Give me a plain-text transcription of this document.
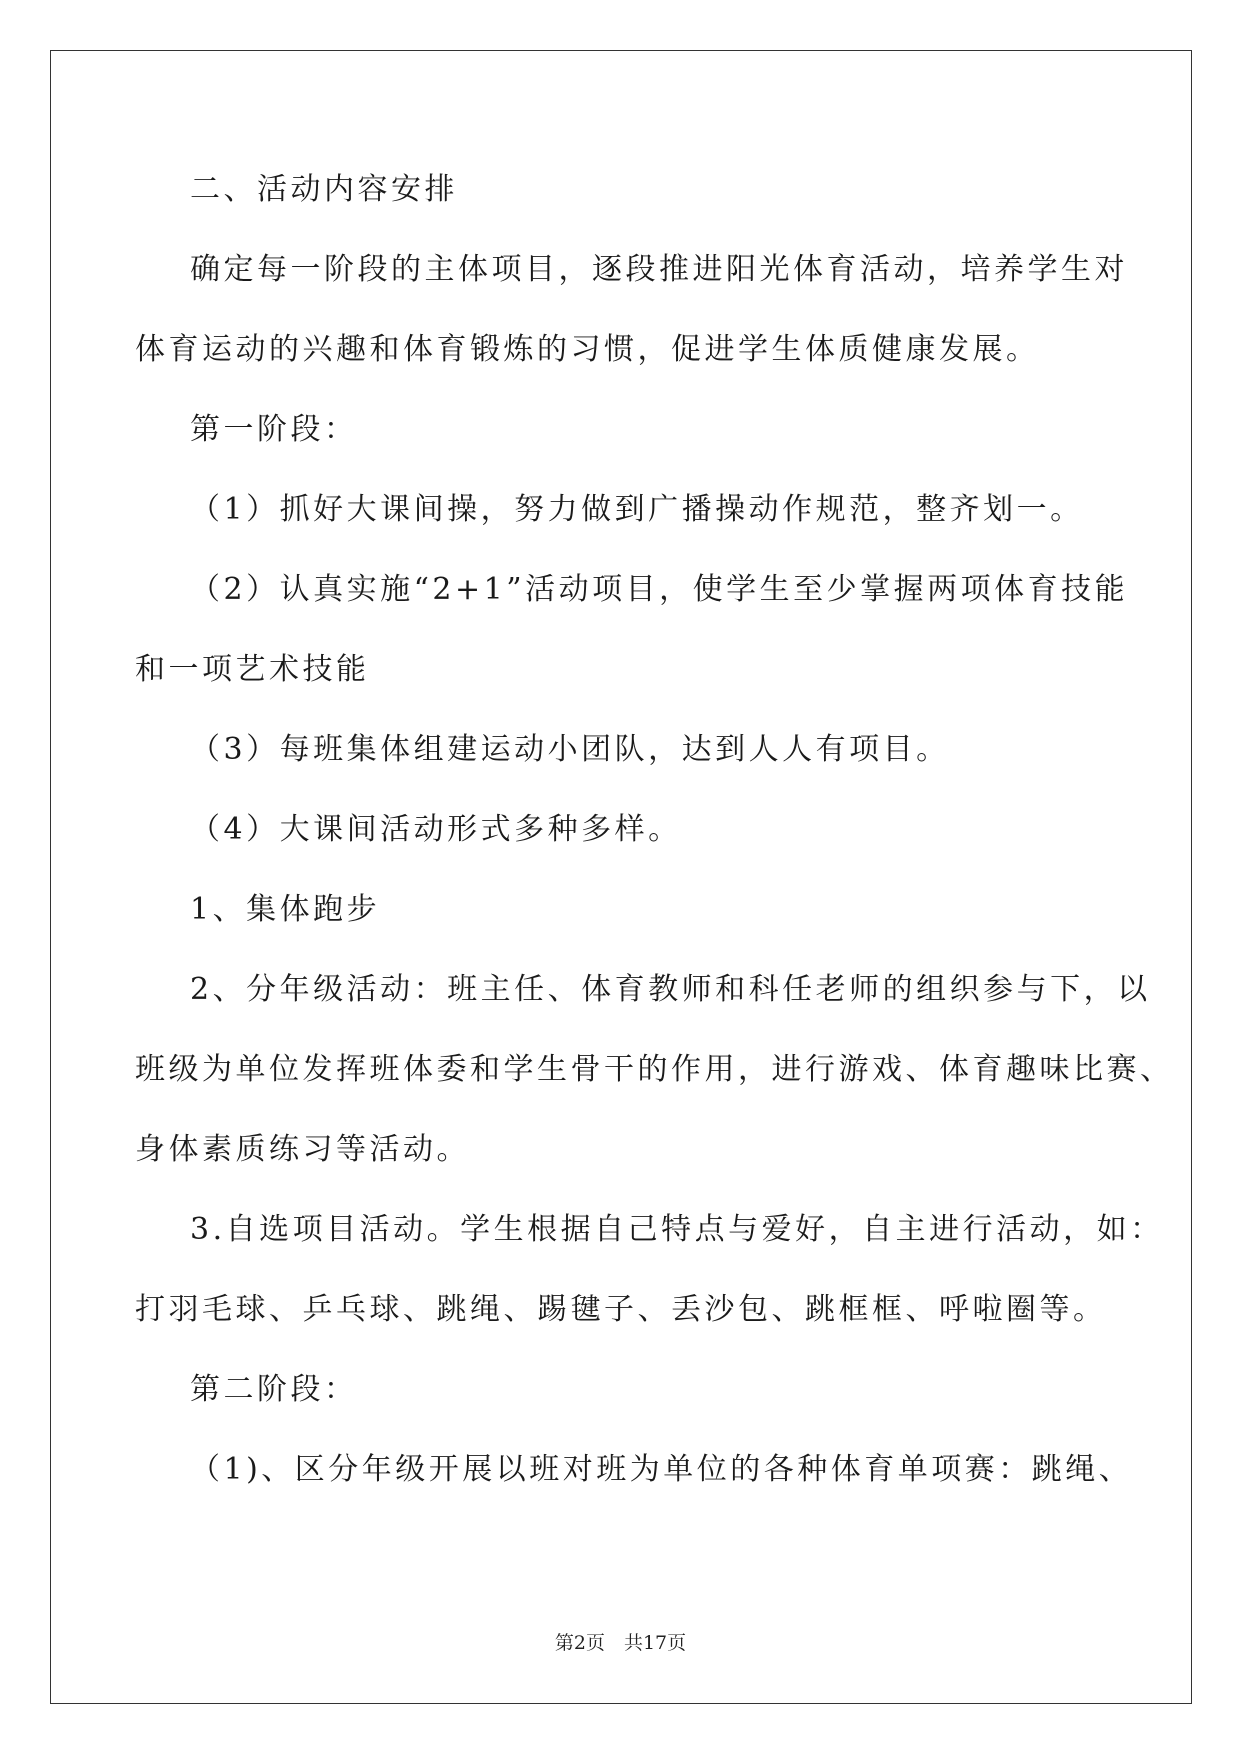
二、活动内容安排
确定每一阶段的主体项目，逐段推进阳光体育活动，培养学生对
体育运动的兴趣和体育锻炼的习惯，促进学生体质健康发展。
第一阶段：
（1）抓好大课间操，努力做到广播操动作规范，整齐划一。
（2）认真实施“2+1”活动项目，使学生至少掌握两项体育技能
和一项艺术技能
（3）每班集体组建运动小团队，达到人人有项目。
（4）大课间活动形式多种多样。
1、集体跑步
2、分年级活动：班主任、体育教师和科任老师的组织参与下，以
班级为单位发挥班体委和学生骨干的作用，进行游戏、体育趣味比赛、
身体素质练习等活动。
3.自选项目活动。学生根据自己特点与爱好，自主进行活动，如：
打羽毛球、乒乓球、跳绳、踢毽子、丢沙包、跳框框、呼啦圈等。
第二阶段：
（1)、区分年级开展以班对班为单位的各种体育单项赛：跳绳、
第2页　共17页
